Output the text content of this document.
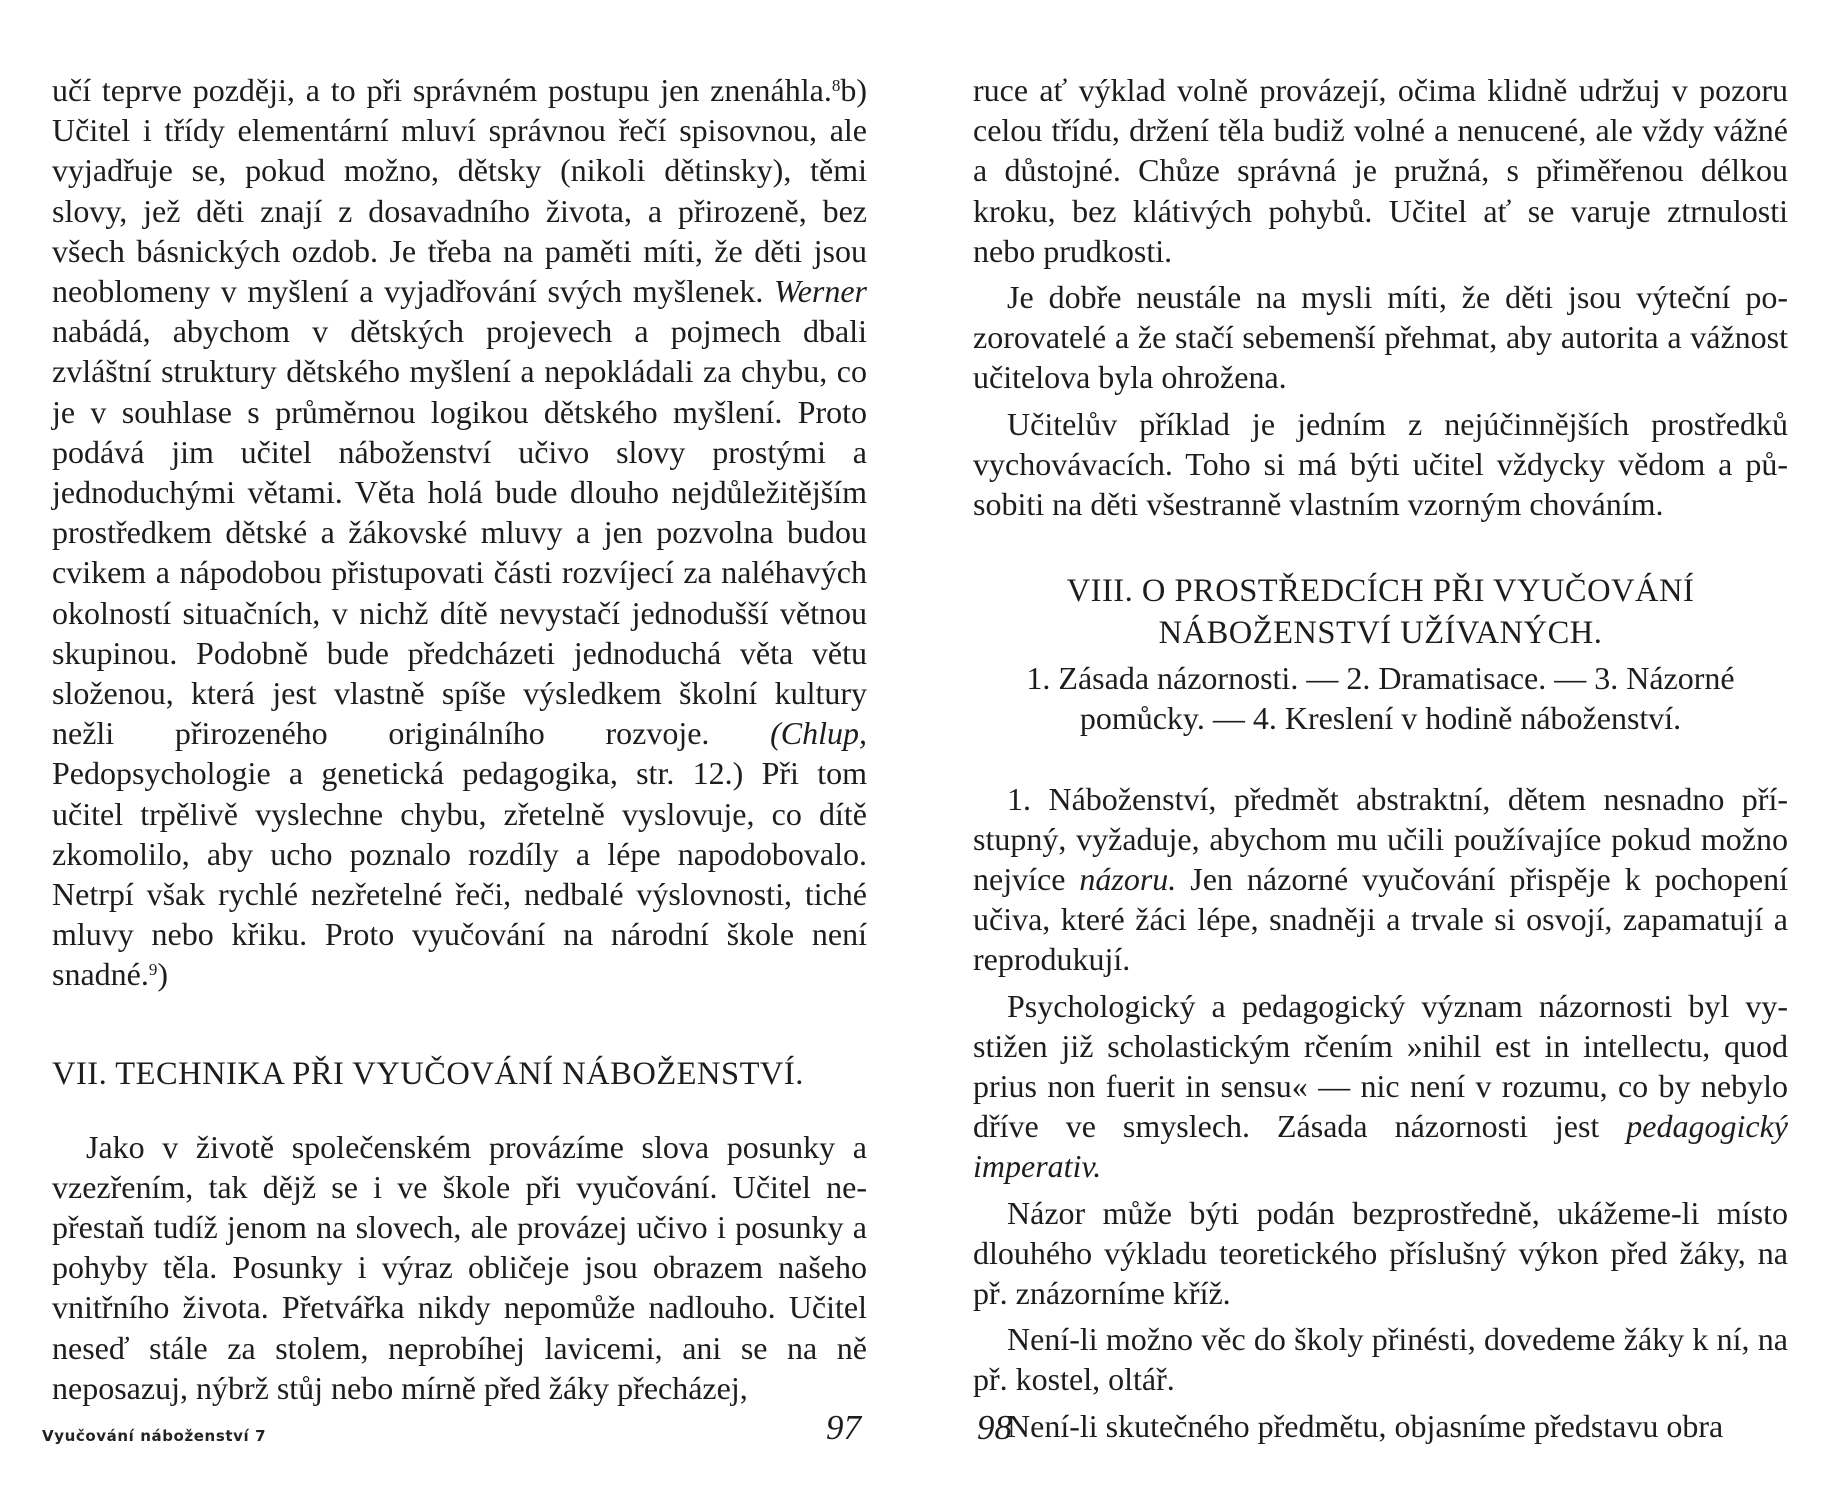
učí teprve později, a to při správném postupu jen znenáhla.$^8$b) Učitel i třídy elementární mluví správnou řečí spisovnou, ale vyjadřuje se, pokud možno, dětsky (nikoli dětinsky), těmi slovy, jež děti znají z dosavadního života, a přirozeně, bez všech básnických ozdob. Je třeba na paměti míti, že děti jsou neoblomeny v myšlení a vyjadřování svých myšlenek. Werner nabádá, abychom v dětských projevech a pojmech dbali zvláštní struktury dětského myšlení a nepokládali za chybu, co je v souhlase s průměrnou logikou dětského myšlení. Proto podává jim učitel náboženství učivo slovy prostými a jednoduchými větami. Věta holá bude dlouho nejdůležitějším prostředkem dětské a žákovské mluvy a jen pozvolna budou cvikem a nápodobou přistupovati části rozvíjecí za naléhavých okolností situačních, v nichž dítě nevystačí jednodušší větnou skupinou. Podobně bude předcházeti jednoduchá věta větu složenou, která jest vlastně spíše výsledkem školní kultury nežli přirozeného originálního rozvoje. (Chlup, Pedopsychologie a genetická pedagogika, str. 12.) Při tom učitel trpělivě vyslechne chybu, zřetelně vyslovuje, co dítě zkomolilo, aby ucho poznalo rozdíly a lépe napodobovalo. Netrpí však rychlé nezřetelné řeči, nedbalé výslovnosti, tiché mluvy nebo křiku. Proto vyučování na národní škole není snadné.$^9$)

VII. TECHNIKA PŘI VYUČOVÁNÍ NÁBOŽENSTVÍ.

Jako v životě společenském provázíme slova posunky a vzezřením, tak dějž se i ve škole při vyučování. Učitel nepřestaň tudíž jenom na slovech, ale provázej učivo i posunky a pohyby těla. Posunky i výraz obličeje jsou obrazem našeho vnitřního života. Přetvářka nikdy nepomůže nadlouho. Učitel neseď stále za stolem, neprobíhej lavicemi, ani se na ně neposazuj, nýbrž stůj nebo mírně před žáky přecházej,

Vyučování náboženství 7	97

ruce ať výklad volně provázejí, očima klidně udržuj v pozoru celou třídu, držení těla budiž volné a nenucené, ale vždy vážné a důstojné. Chůze správná je pružná, s přiměřenou délkou kroku, bez klátivých pohybů. Učitel ať se varuje ztrnulosti nebo prudkosti.

Je dobře neustále na mysli míti, že děti jsou výteční pozorovatelé a že stačí sebemenší přehmat, aby autorita a vážnost učitelova byla ohrožena.

Učitelův příklad je jedním z nejúčinnějších prostředků vychovávacích. Toho si má býti učitel vždycky vědom a působiti na děti všestranně vlastním vzorným chováním.

VIII. O PROSTŘEDCÍCH PŘI VYUČOVÁNÍ
NÁBOŽENSTVÍ UŽÍVANÝCH.

1. Zásada názornosti. — 2. Dramatisace. — 3. Názorné
pomůcky. — 4. Kreslení v hodině náboženství.

1. Náboženství, předmět abstraktní, dětem nesnadno přístupný, vyžaduje, abychom mu učili používajíce pokud možno nejvíce názoru. Jen názorné vyučování přispěje k pochopení učiva, které žáci lépe, snadněji a trvale si osvojí, zapamatují a reprodukují.

Psychologický a pedagogický význam názornosti byl vystižen již scholastickým rčením »nihil est in intellectu, quod prius non fuerit in sensu« — nic není v rozumu, co by nebylo dříve ve smyslech. Zásada názornosti jest pedagogický imperativ.

Názor může býti podán bezprostředně, ukážeme-li místo dlouhého výkladu teoretického příslušný výkon před žáky, na př. znázorníme kříž.

Není-li možno věc do školy přinésti, dovedeme žáky k ní, na př. kostel, oltář.

Není-li skutečného předmětu, objasníme představu obra

98
